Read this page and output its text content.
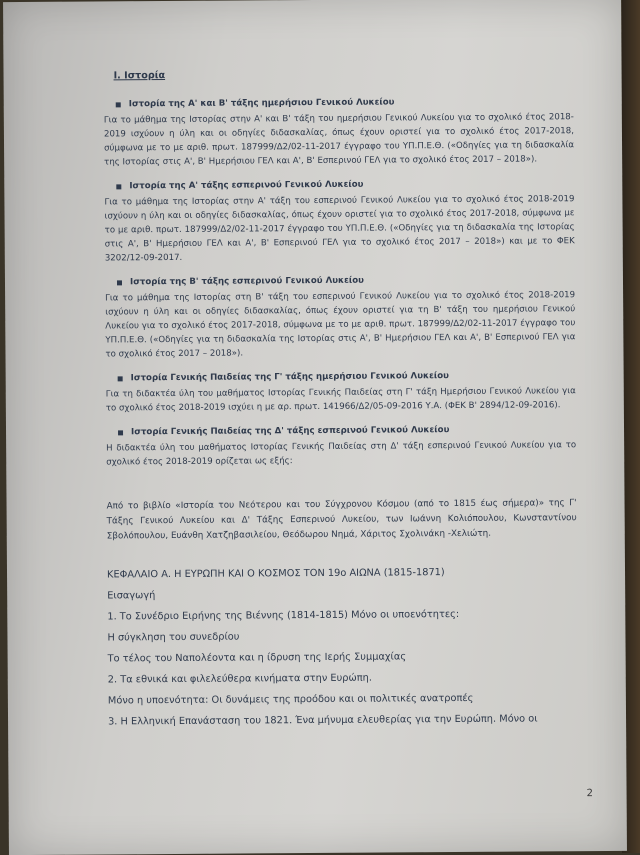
I. Ιστορία
Ιστορία της Α' και Β' τάξης ημερήσιου Γενικού Λυκείου
Για το μάθημα της Ιστορίας στην Α' και Β' τάξη του ημερήσιου Γενικού Λυκείου για το σχολικό έτος 2018-2019 ισχύουν η ύλη και οι οδηγίες διδασκαλίας, όπως έχουν οριστεί για το σχολικό έτος 2017-2018, σύμφωνα με το με αριθ. πρωτ. 187999/Δ2/02-11-2017 έγγραφο του ΥΠ.Π.Ε.Θ. («Οδηγίες για τη διδασκαλία της Ιστορίας στις Α', Β' Ημερήσιου ΓΕΛ και Α', Β' Εσπερινού ΓΕΛ για το σχολικό έτος 2017 – 2018»).
Ιστορία της Α' τάξης εσπερινού Γενικού Λυκείου
Για το μάθημα της Ιστορίας στην Α' τάξη του εσπερινού Γενικού Λυκείου για το σχολικό έτος 2018-2019 ισχύουν η ύλη και οι οδηγίες διδασκαλίας, όπως έχουν οριστεί για το σχολικό έτος 2017-2018, σύμφωνα με το με αριθ. πρωτ. 187999/Δ2/02-11-2017 έγγραφο του ΥΠ.Π.Ε.Θ. («Οδηγίες για τη διδασκαλία της Ιστορίας στις Α', Β' Ημερήσιου ΓΕΛ και Α', Β' Εσπερινού ΓΕΛ για το σχολικό έτος 2017 – 2018») και με το ΦΕΚ 3202/12-09-2017.
Ιστορία της Β' τάξης εσπερινού Γενικού Λυκείου
Για το μάθημα της Ιστορίας στη Β' τάξη του εσπερινού Γενικού Λυκείου για το σχολικό έτος 2018-2019 ισχύουν η ύλη και οι οδηγίες διδασκαλίας, όπως έχουν οριστεί για τη Β' τάξη του ημερήσιου Γενικού Λυκείου για το σχολικό έτος 2017-2018, σύμφωνα με το με αριθ. πρωτ. 187999/Δ2/02-11-2017 έγγραφο του ΥΠ.Π.Ε.Θ. («Οδηγίες για τη διδασκαλία της Ιστορίας στις Α', Β' Ημερήσιου ΓΕΛ και Α', Β' Εσπερινού ΓΕΛ για το σχολικό έτος 2017 – 2018»).
Ιστορία Γενικής Παιδείας της Γ' τάξης ημερήσιου Γενικού Λυκείου
Για τη διδακτέα ύλη του μαθήματος Ιστορίας Γενικής Παιδείας στη Γ' τάξη Ημερήσιου Γενικού Λυκείου για το σχολικό έτος 2018-2019 ισχύει η με αρ. πρωτ. 141966/Δ2/05-09-2016 Υ.Α. (ΦΕΚ Β' 2894/12-09-2016).
Ιστορία Γενικής Παιδείας της Δ' τάξης εσπερινού Γενικού Λυκείου
Η διδακτέα ύλη του μαθήματος Ιστορίας Γενικής Παιδείας στη Δ' τάξη εσπερινού Γενικού Λυκείου για το σχολικό έτος 2018-2019 ορίζεται ως εξής:
Από το βιβλίο «Ιστορία του Νεότερου και του Σύγχρονου Κόσμου (από το 1815 έως σήμερα)» της Γ' Τάξης Γενικού Λυκείου και Δ' Τάξης Εσπερινού Λυκείου, των Ιωάννη Κολιόπουλου, Κωνσταντίνου Σβολόπουλου, Ευάνθη Χατζηβασιλείου, Θεόδωρου Νημά, Χάριτος Σχολινάκη -Χελιώτη.
ΚΕΦΑΛΑΙΟ Α. Η ΕΥΡΩΠΗ ΚΑΙ Ο ΚΟΣΜΟΣ ΤΟΝ 19ο ΑΙΩΝΑ (1815-1871)
Εισαγωγή
1. Το Συνέδριο Ειρήνης της Βιέννης (1814-1815) Μόνο οι υποενότητες:
Η σύγκληση του συνεδρίου
Το τέλος του Ναπολέοντα και η ίδρυση της Ιερής Συμμαχίας
2. Τα εθνικά και φιλελεύθερα κινήματα στην Ευρώπη.
Μόνο η υποενότητα: Οι δυνάμεις της προόδου και οι πολιτικές ανατροπές
3. Η Ελληνική Επανάσταση του 1821. Ένα μήνυμα ελευθερίας για την Ευρώπη. Μόνο οι
2
